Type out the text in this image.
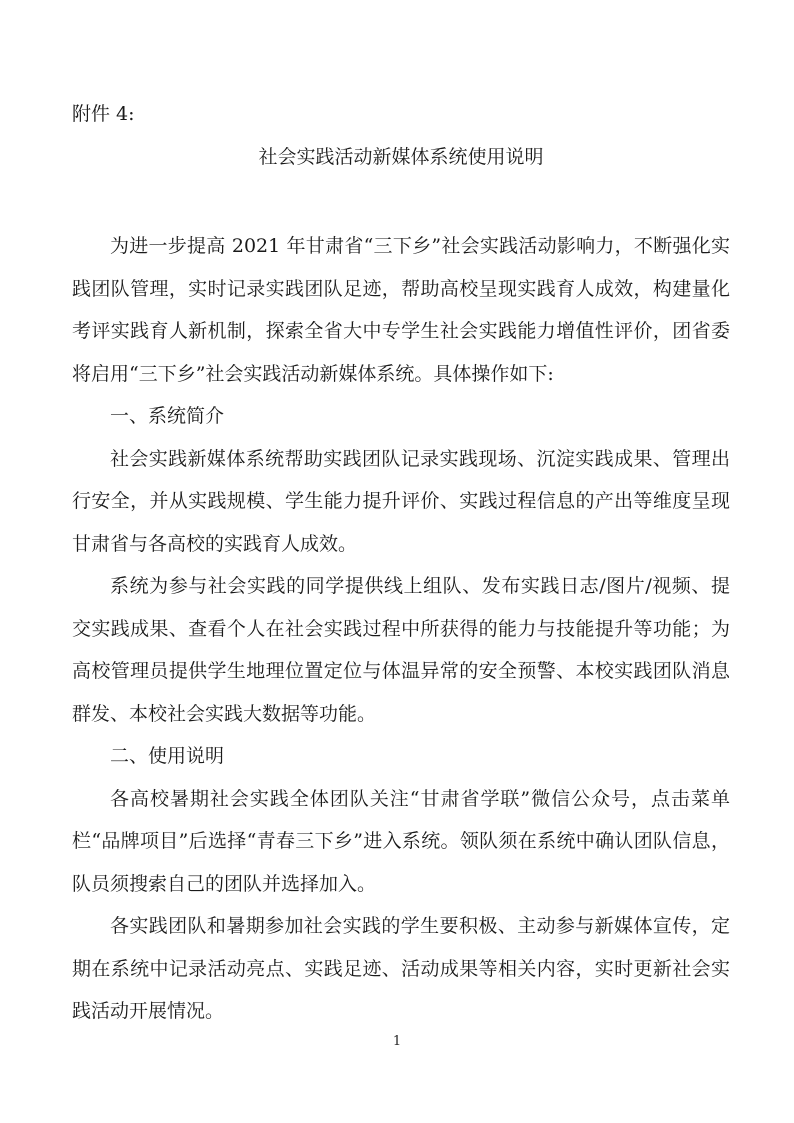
附件 4:
社会实践活动新媒体系统使用说明

为进一步提高 2021 年甘肃省“三下乡”社会实践活动影响力，不断强化实践团队管理，实时记录实践团队足迹，帮助高校呈现实践育人成效，构建量化考评实践育人新机制，探索全省大中专学生社会实践能力增值性评价，团省委将启用“三下乡”社会实践活动新媒体系统。具体操作如下:

一、系统简介

社会实践新媒体系统帮助实践团队记录实践现场、沉淀实践成果、管理出行安全，并从实践规模、学生能力提升评价、实践过程信息的产出等维度呈现甘肃省与各高校的实践育人成效。

系统为参与社会实践的同学提供线上组队、发布实践日志/图片/视频、提交实践成果、查看个人在社会实践过程中所获得的能力与技能提升等功能；为高校管理员提供学生地理位置定位与体温异常的安全预警、本校实践团队消息群发、本校社会实践大数据等功能。

二、使用说明

各高校暑期社会实践全体团队关注“甘肃省学联”微信公众号，点击菜单栏“品牌项目”后选择“青春三下乡”进入系统。领队须在系统中确认团队信息，队员须搜索自己的团队并选择加入。

各实践团队和暑期参加社会实践的学生要积极、主动参与新媒体宣传，定期在系统中记录活动亮点、实践足迹、活动成果等相关内容，实时更新社会实践活动开展情况。

1
